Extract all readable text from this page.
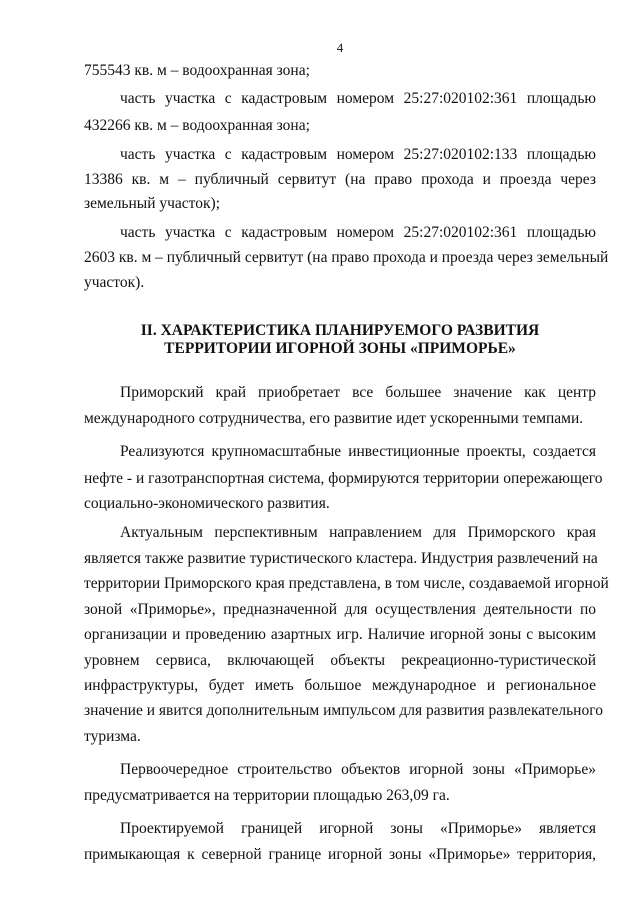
4
755543 кв. м – водоохранная зона;
часть участка с кадастровым номером 25:27:020102:361 площадью
432266 кв. м – водоохранная зона;
часть участка с кадастровым номером 25:27:020102:133 площадью
13386 кв. м – публичный сервитут (на право прохода и проезда через
земельный участок);
часть участка с кадастровым номером 25:27:020102:361 площадью
2603 кв. м – публичный сервитут (на право прохода и проезда через земельный
участок).
II. ХАРАКТЕРИСТИКА ПЛАНИРУЕМОГО РАЗВИТИЯ
ТЕРРИТОРИИ ИГОРНОЙ ЗОНЫ «ПРИМОРЬЕ»
Приморский край приобретает все большее значение как центр
международного сотрудничества, его развитие идет ускоренными темпами.
Реализуются крупномасштабные инвестиционные проекты, создается
нефте - и газотранспортная система, формируются территории опережающего
социально-экономического развития.
Актуальным перспективным направлением для Приморского края
является также развитие туристического кластера. Индустрия развлечений на
территории Приморского края представлена, в том числе, создаваемой игорной
зоной «Приморье», предназначенной для осуществления деятельности по
организации и проведению азартных игр. Наличие игорной зоны с высоким
уровнем сервиса, включающей объекты рекреационно-туристической
инфраструктуры, будет иметь большое международное и региональное
значение и явится дополнительным импульсом для развития развлекательного
туризма.
Первоочередное строительство объектов игорной зоны «Приморье»
предусматривается на территории площадью 263,09 га.
Проектируемой границей игорной зоны «Приморье» является
примыкающая к северной границе игорной зоны «Приморье» территория,
